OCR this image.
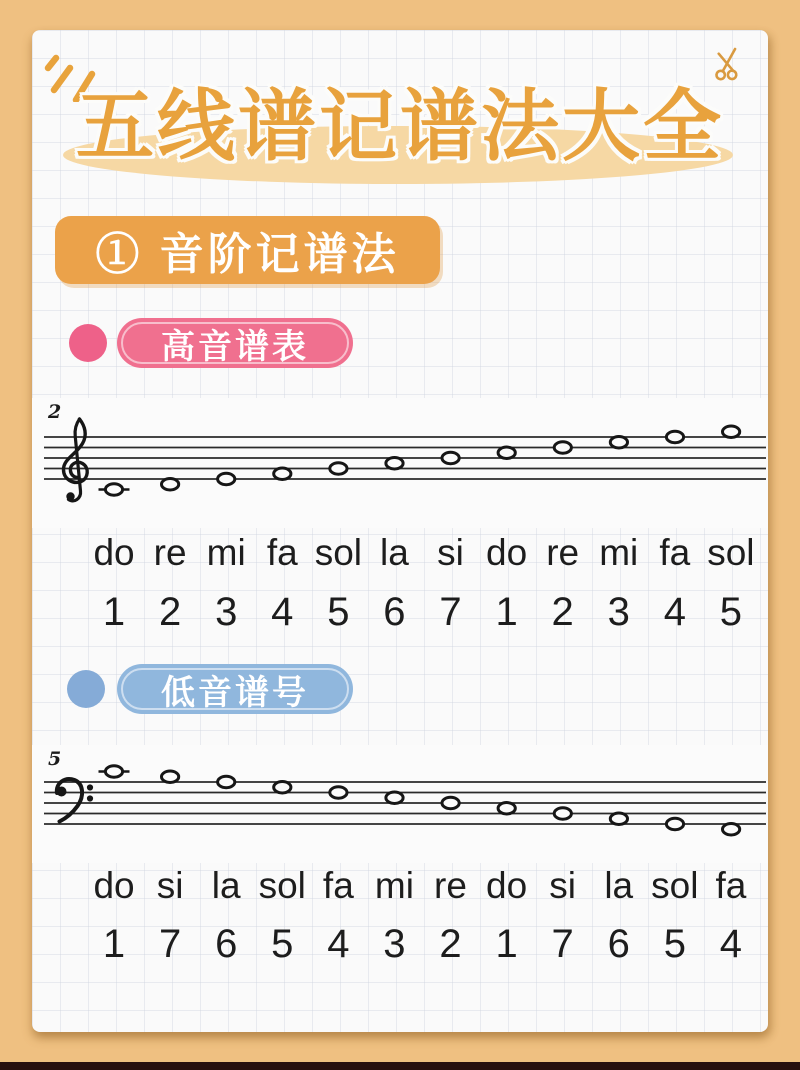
五线谱记谱法大全
① 音阶记谱法
高音谱表
2
do re mi fa sol la si do re mi fa sol
1 2 3 4 5 6 7 1 2 3 4 5
低音谱号
5
do si la sol fa mi re do si la sol fa
1 7 6 5 4 3 2 1 7 6 5 4
